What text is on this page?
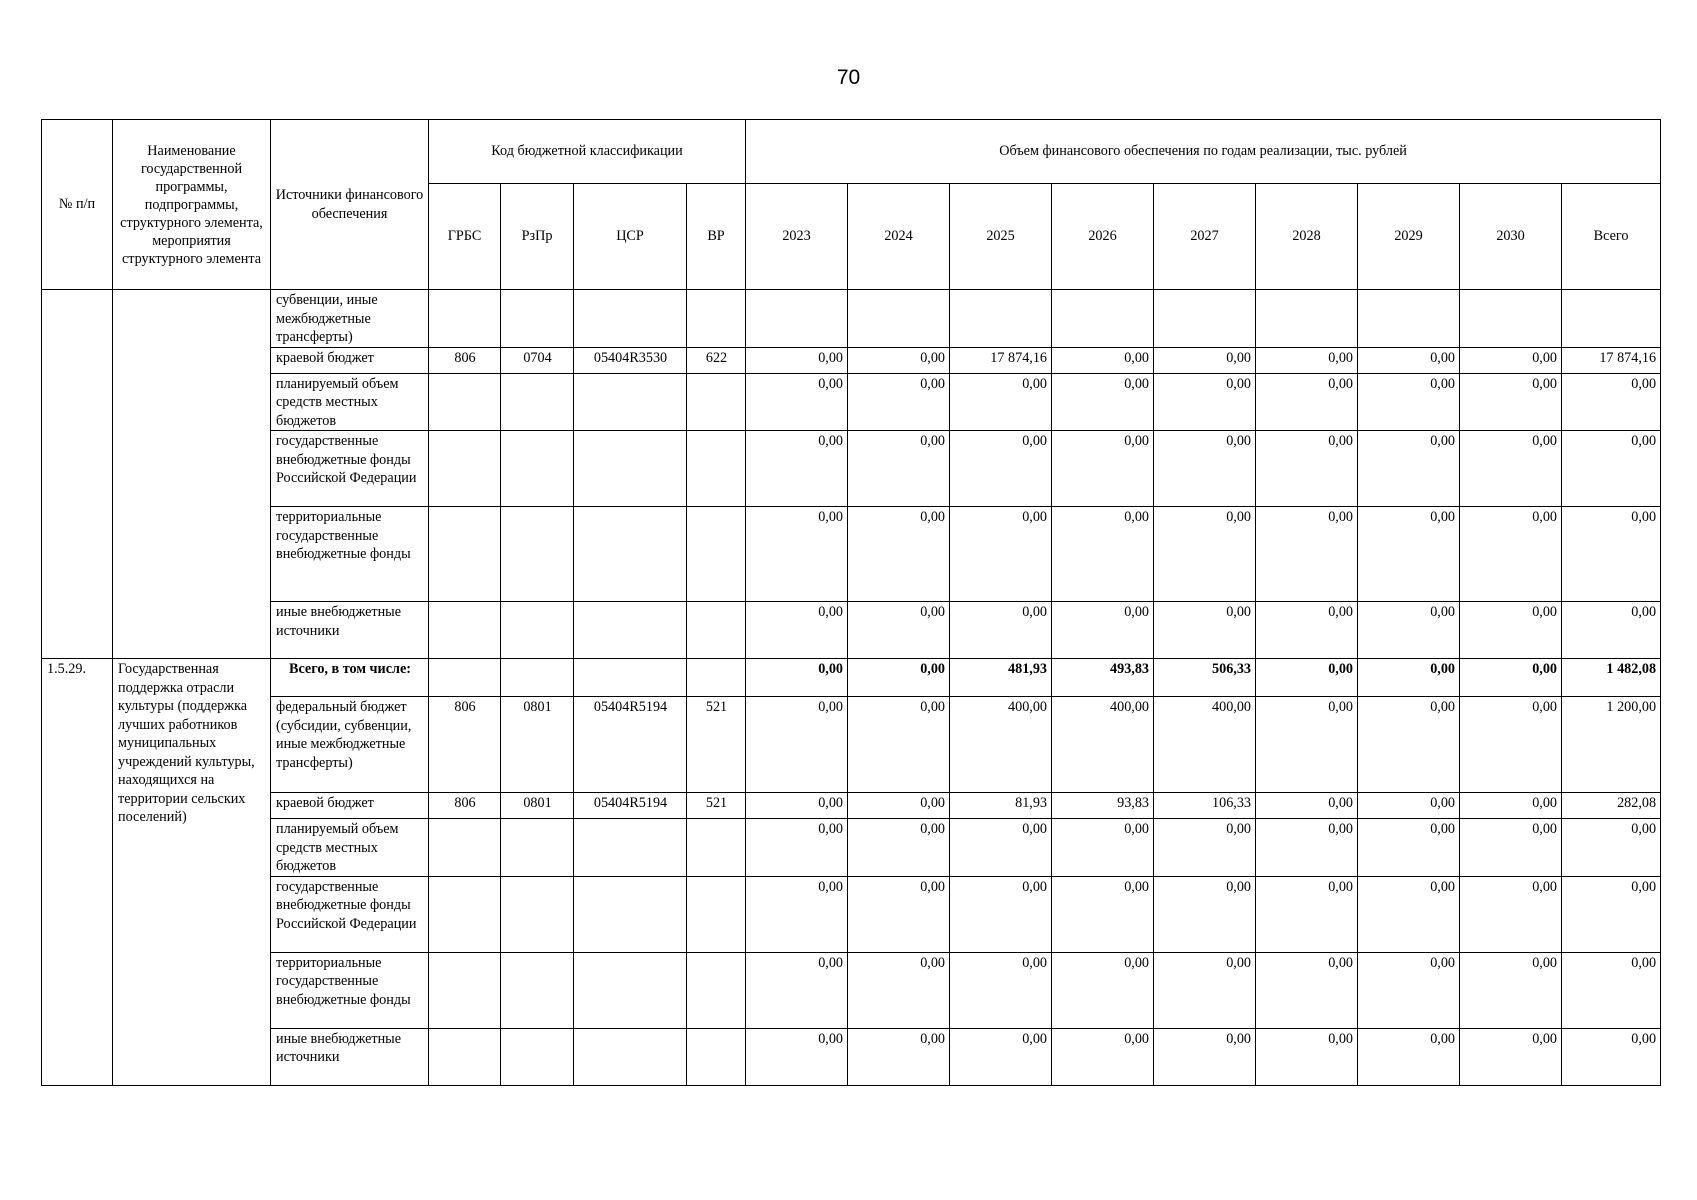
70
№ п/п	Наименование государственной программы, подпрограммы, структурного элемента, мероприятия структурного элемента	Источники финансового обеспечения	Код бюджетной классификации				Объем финансового обеспечения по годам реализации, тыс. рублей								
			ГРБС	РзПр	ЦСР	ВР	2023	2024	2025	2026	2027	2028	2029	2030	Всего
		субвенции, иные межбюджетные трансферты)													
		краевой бюджет	806	0704	05404R3530	622	0,00	0,00	17 874,16	0,00	0,00	0,00	0,00	0,00	17 874,16
		планируемый объем средств местных бюджетов					0,00	0,00	0,00	0,00	0,00	0,00	0,00	0,00	0,00
		государственные внебюджетные фонды Российской Федерации					0,00	0,00	0,00	0,00	0,00	0,00	0,00	0,00	0,00
		территориальные государственные внебюджетные фонды					0,00	0,00	0,00	0,00	0,00	0,00	0,00	0,00	0,00
		иные внебюджетные источники					0,00	0,00	0,00	0,00	0,00	0,00	0,00	0,00	0,00
1.5.29.	Государственная поддержка отрасли культуры (поддержка лучших работников муниципальных учреждений культуры, находящихся на территории сельских поселений)	Всего, в том числе:					0,00	0,00	481,93	493,83	506,33	0,00	0,00	0,00	1 482,08
		федеральный бюджет (субсидии, субвенции, иные межбюджетные трансферты)	806	0801	05404R5194	521	0,00	0,00	400,00	400,00	400,00	0,00	0,00	0,00	1 200,00
		краевой бюджет	806	0801	05404R5194	521	0,00	0,00	81,93	93,83	106,33	0,00	0,00	0,00	282,08
		планируемый объем средств местных бюджетов					0,00	0,00	0,00	0,00	0,00	0,00	0,00	0,00	0,00
		государственные внебюджетные фонды Российской Федерации					0,00	0,00	0,00	0,00	0,00	0,00	0,00	0,00	0,00
		территориальные государственные внебюджетные фонды					0,00	0,00	0,00	0,00	0,00	0,00	0,00	0,00	0,00
		иные внебюджетные источники					0,00	0,00	0,00	0,00	0,00	0,00	0,00	0,00	0,00
